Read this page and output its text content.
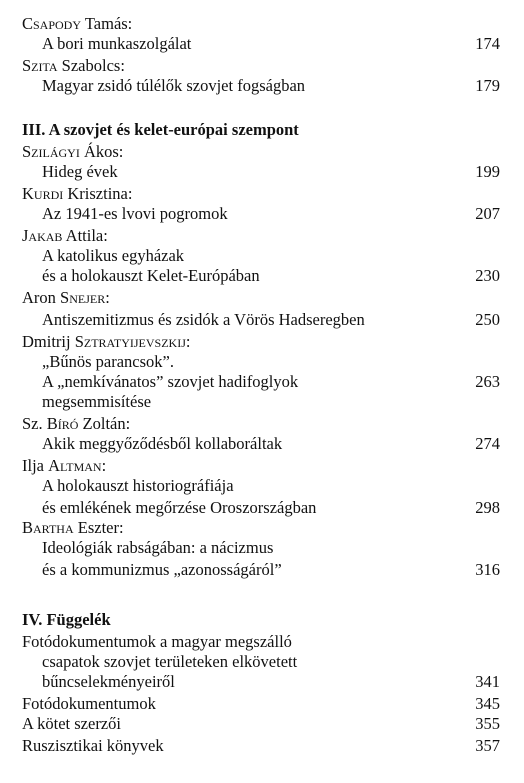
Csapody Tamás:
A bori munkaszolgálat	174
Szita Szabolcs:
Magyar zsidó túlélők szovjet fogságban	179
III. A szovjet és kelet-európai szempont
Szilágyi Ákos:
Hideg évek	199
Kurdi Krisztina:
Az 1941-es lvovi pogromok	207
Jakab Attila:
A katolikus egyházak
és a holokauszt Kelet-Európában	230
Aron Snejer:
Antiszemitizmus és zsidók a Vörös Hadseregben	250
Dmitrij Sztratyijevszkij:
„Bűnös parancsok”.
A „nemkívánatos” szovjet hadifoglyok	263
megsemmisítése
Sz. Bíró Zoltán:
Akik meggyőződésből kollaboráltak	274
Ilja Altman:
A holokauszt historiográfiája
és emlékének megőrzése Oroszországban	298
Bartha Eszter:
Ideológiák rabságában: a nácizmus
és a kommunizmus „azonosságáról”	316
IV. Függelék
Fotódokumentumok a magyar megszálló
csapatok szovjet területeken elkövetett
bűncselekményeiről	341
Fotódokumentumok	345
A kötet szerzői	355
Ruszisztikai könyvek	357
